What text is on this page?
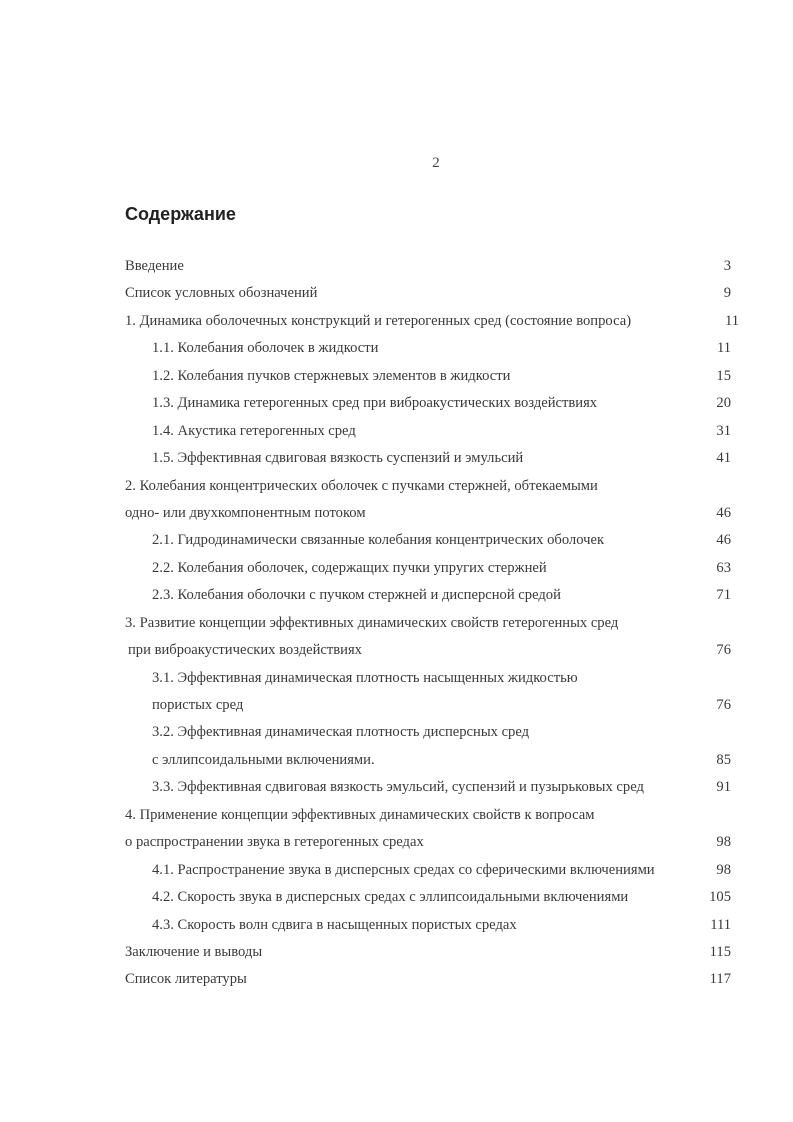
2
Содержание
Введение	3
Список условных обозначений	9
1. Динамика оболочечных конструкций и гетерогенных сред (состояние вопроса)	11
1.1. Колебания оболочек в жидкости	11
1.2. Колебания пучков стержневых элементов в жидкости	15
1.3. Динамика гетерогенных сред при виброакустических воздействиях	20
1.4. Акустика гетерогенных сред	31
1.5. Эффективная сдвиговая вязкость суспензий и эмульсий	41
2. Колебания концентрических оболочек с пучками стержней, обтекаемыми
одно- или двухкомпонентным потоком	46
2.1. Гидродинамически связанные колебания концентрических оболочек	46
2.2. Колебания оболочек, содержащих пучки упругих стержней	63
2.3. Колебания оболочки с пучком стержней и дисперсной средой	71
3. Развитие концепции эффективных динамических свойств гетерогенных сред
при виброакустических воздействиях	76
3.1. Эффективная динамическая плотность насыщенных жидкостью
пористых сред	76
3.2. Эффективная динамическая плотность дисперсных сред
с эллипсоидальными включениями.	85
3.3. Эффективная сдвиговая вязкость эмульсий, суспензий и пузырьковых сред	91
4. Применение концепции эффективных динамических свойств к вопросам
о распространении звука в гетерогенных средах	98
4.1. Распространение звука в дисперсных средах со сферическими включениями	98
4.2. Скорость звука в дисперсных средах с эллипсоидальными включениями	105
4.3. Скорость волн сдвига в насыщенных пористых средах	111
Заключение и выводы	115
Список литературы	117
